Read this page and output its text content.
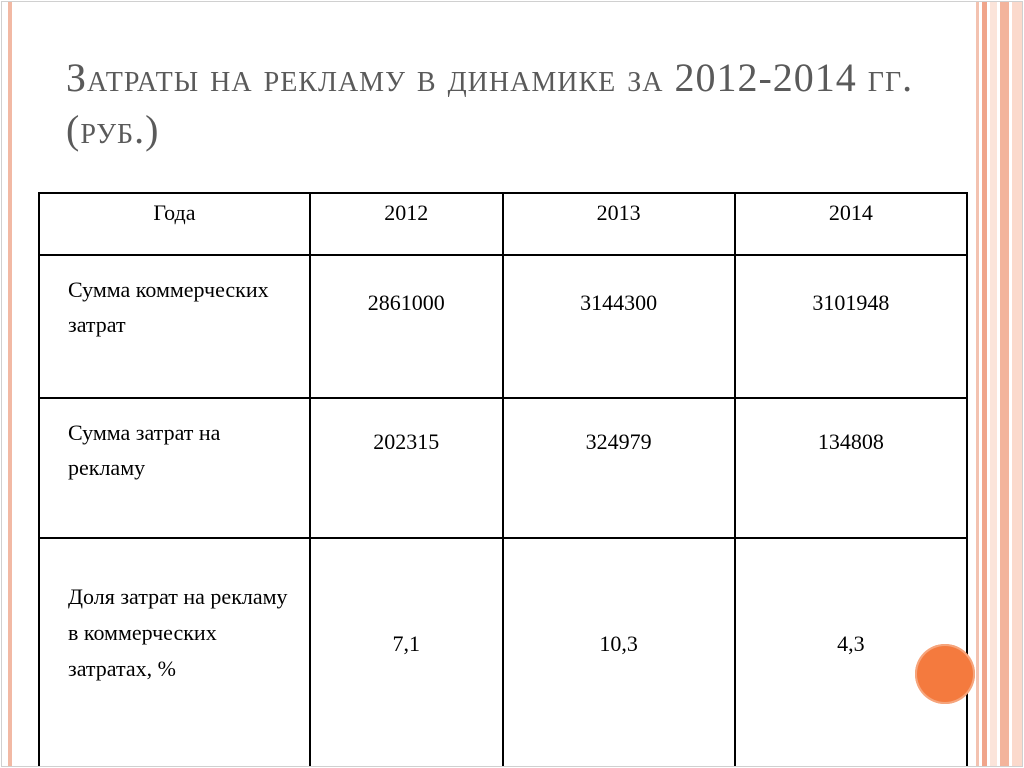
Затраты на рекламу в динамике за 2012-2014 гг. (руб.)
Года	2012	2013	2014
Сумма коммерческих затрат	2861000	3144300	3101948
Сумма затрат на рекламу	202315	324979	134808
Доля затрат на рекламу в коммерческих затратах, %	7,1	10,3	4,3
